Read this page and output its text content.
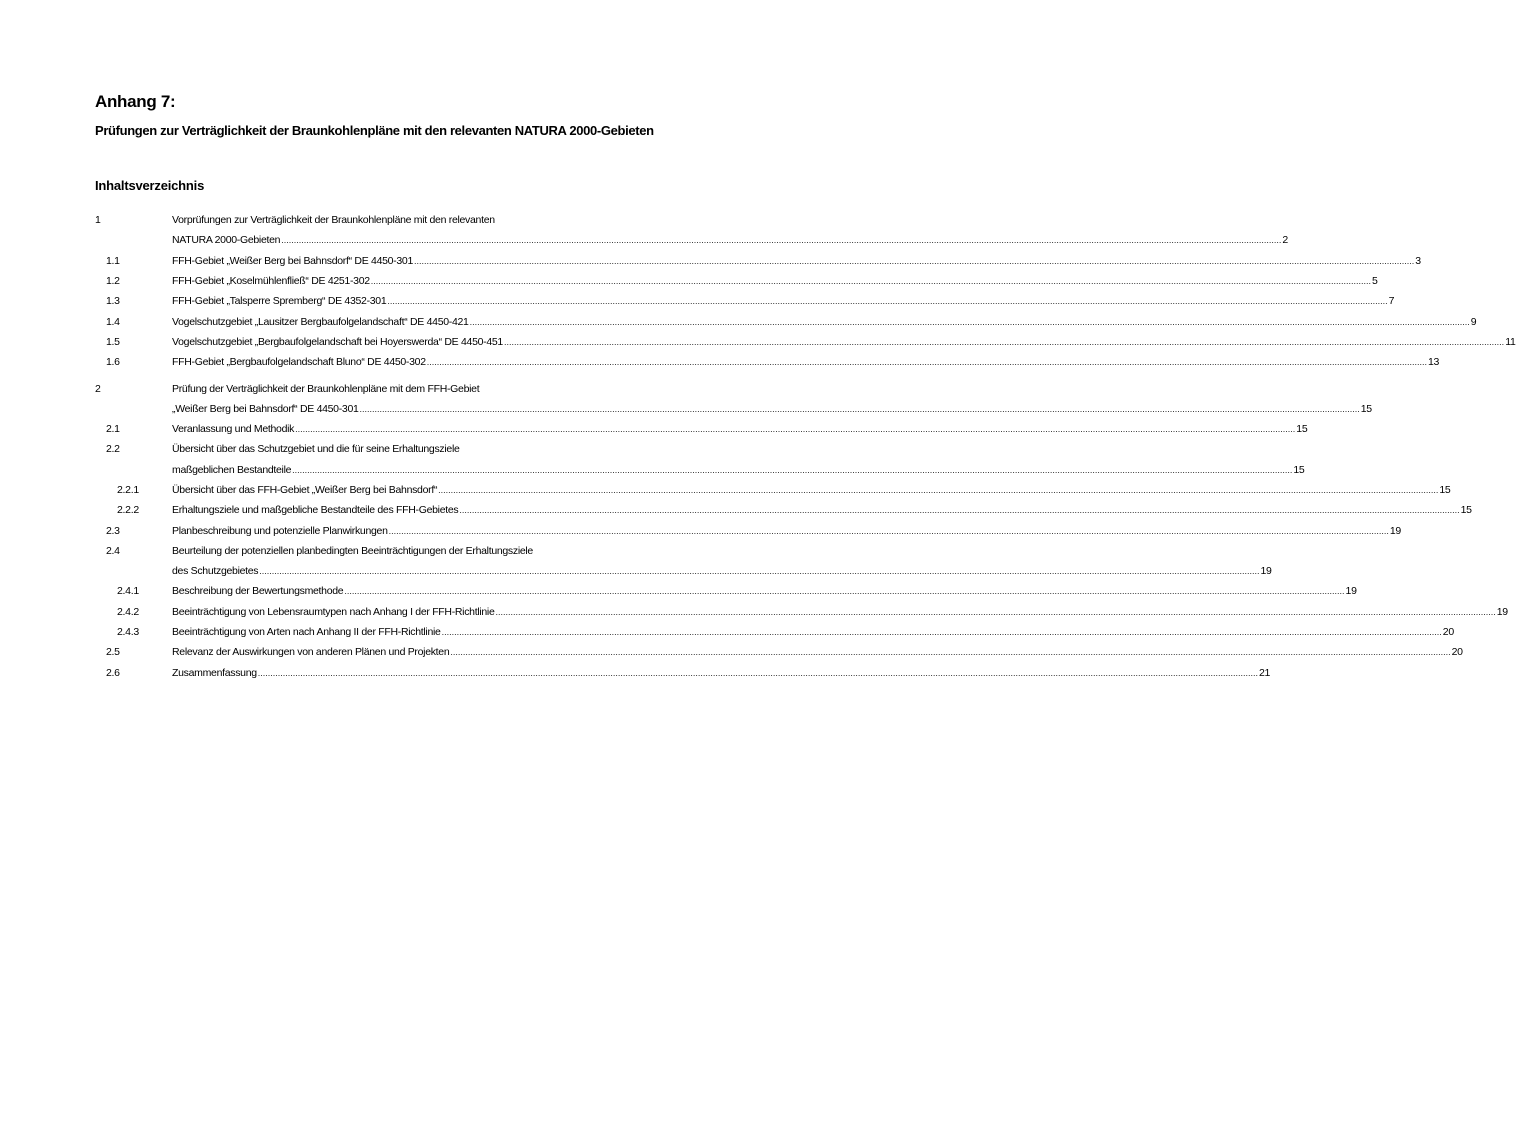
Anhang 7:
Prüfungen zur Verträglichkeit der Braunkohlenpläne mit den relevanten NATURA 2000-Gebieten
Inhaltsverzeichnis
1	Vorprüfungen zur Verträglichkeit der Braunkohlenpläne mit den relevanten
NATURA 2000-Gebieten ................................................................................................................................................................................................................................................................................................................................................................................................................ 2
1.1	FFH-Gebiet „Weißer Berg bei Bahnsdorf“ DE 4450-301 ................................................................................................................................................................................................................................................................................................................................................................................................................ 3
1.2	FFH-Gebiet „Koselmühlenfließ“ DE 4251-302 ................................................................................................................................................................................................................................................................................................................................................................................................................ 5
1.3	FFH-Gebiet „Talsperre Spremberg“ DE 4352-301 ................................................................................................................................................................................................................................................................................................................................................................................................................ 7
1.4	Vogelschutzgebiet „Lausitzer Bergbaufolgelandschaft“ DE 4450-421 ................................................................................................................................................................................................................................................................................................................................................................................................................ 9
1.5	Vogelschutzgebiet „Bergbaufolgelandschaft bei Hoyerswerda“ DE 4450-451 ................................................................................................................................................................................................................................................................................................................................................................................................................ 11
1.6	FFH-Gebiet „Bergbaufolgelandschaft Bluno“ DE 4450-302 ................................................................................................................................................................................................................................................................................................................................................................................................................ 13
2	Prüfung der Verträglichkeit der Braunkohlenpläne mit dem FFH-Gebiet
„Weißer Berg bei Bahnsdorf“ DE 4450-301 ................................................................................................................................................................................................................................................................................................................................................................................................................ 15
2.1	Veranlassung und Methodik ................................................................................................................................................................................................................................................................................................................................................................................................................ 15
2.2	Übersicht über das Schutzgebiet und die für seine Erhaltungsziele
maßgeblichen Bestandteile ................................................................................................................................................................................................................................................................................................................................................................................................................ 15
2.2.1	Übersicht über das FFH-Gebiet „Weißer Berg bei Bahnsdorf“ ................................................................................................................................................................................................................................................................................................................................................................................................................ 15
2.2.2	Erhaltungsziele und maßgebliche Bestandteile des FFH-Gebietes ................................................................................................................................................................................................................................................................................................................................................................................................................ 15
2.3	Planbeschreibung und potenzielle Planwirkungen ................................................................................................................................................................................................................................................................................................................................................................................................................ 19
2.4	Beurteilung der potenziellen planbedingten Beeinträchtigungen der Erhaltungsziele
des Schutzgebietes ................................................................................................................................................................................................................................................................................................................................................................................................................ 19
2.4.1	Beschreibung der Bewertungsmethode ................................................................................................................................................................................................................................................................................................................................................................................................................ 19
2.4.2	Beeinträchtigung von Lebensraumtypen nach Anhang I der FFH-Richtlinie ................................................................................................................................................................................................................................................................................................................................................................................................................ 19
2.4.3	Beeinträchtigung von Arten nach Anhang II der FFH-Richtlinie ................................................................................................................................................................................................................................................................................................................................................................................................................ 20
2.5	Relevanz der Auswirkungen von anderen Plänen und Projekten ................................................................................................................................................................................................................................................................................................................................................................................................................ 20
2.6	Zusammenfassung ................................................................................................................................................................................................................................................................................................................................................................................................................ 21
